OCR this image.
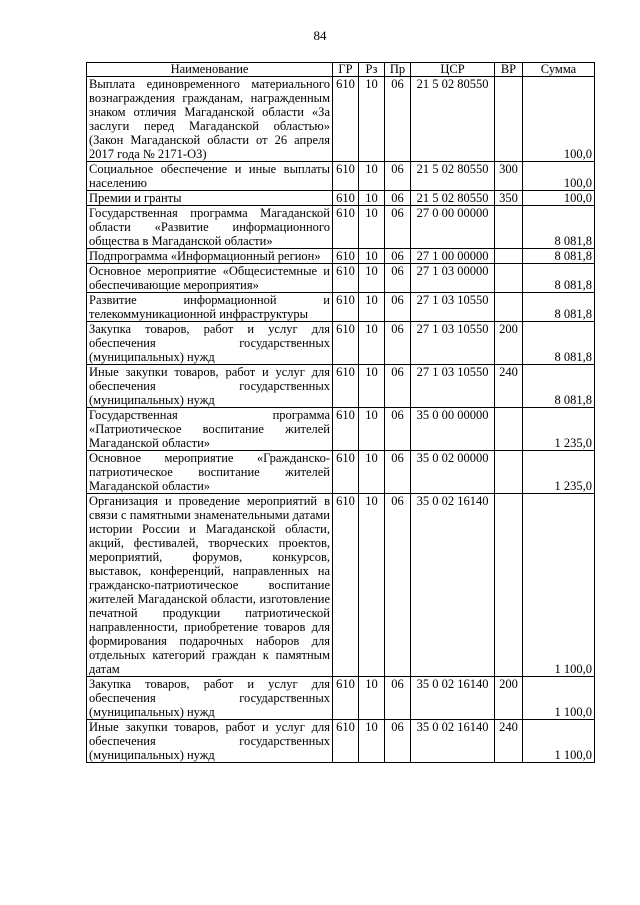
84
Наименование	ГР	Рз	Пр	ЦСР	ВР	Сумма
Выплата единовременного материального вознаграждения гражданам, награжденным знаком отличия Магаданской области «За заслуги перед Магаданской областью» (Закон Магаданской области от 26 апреля 2017 года № 2171-ОЗ)	610	10	06	21 5 02 80550		100,0
Социальное обеспечение и иные выплаты населению	610	10	06	21 5 02 80550	300	100,0
Премии и гранты	610	10	06	21 5 02 80550	350	100,0
Государственная программа Магаданской области «Развитие информационного общества в Магаданской области»	610	10	06	27 0 00 00000		8 081,8
Подпрограмма «Информационный регион»	610	10	06	27 1 00 00000		8 081,8
Основное мероприятие «Общесистемные и обеспечивающие мероприятия»	610	10	06	27 1 03 00000		8 081,8
Развитие информационной и телекоммуникационной инфраструктуры	610	10	06	27 1 03 10550		8 081,8
Закупка товаров, работ и услуг для обеспечения государственных (муниципальных) нужд	610	10	06	27 1 03 10550	200	8 081,8
Иные закупки товаров, работ и услуг для обеспечения государственных (муниципальных) нужд	610	10	06	27 1 03 10550	240	8 081,8
Государственная программа «Патриотическое воспитание жителей Магаданской области»	610	10	06	35 0 00 00000		1 235,0
Основное мероприятие «Гражданско-патриотическое воспитание жителей Магаданской области»	610	10	06	35 0 02 00000		1 235,0
Организация и проведение мероприятий в связи с памятными знаменательными датами истории России и Магаданской области, акций, фестивалей, творческих проектов, мероприятий, форумов, конкурсов, выставок, конференций, направленных на гражданско-патриотическое воспитание жителей Магаданской области, изготовление печатной продукции патриотической направленности, приобретение товаров для формирования подарочных наборов для отдельных категорий граждан к памятным датам	610	10	06	35 0 02 16140		1 100,0
Закупка товаров, работ и услуг для обеспечения государственных (муниципальных) нужд	610	10	06	35 0 02 16140	200	1 100,0
Иные закупки товаров, работ и услуг для обеспечения государственных (муниципальных) нужд	610	10	06	35 0 02 16140	240	1 100,0
